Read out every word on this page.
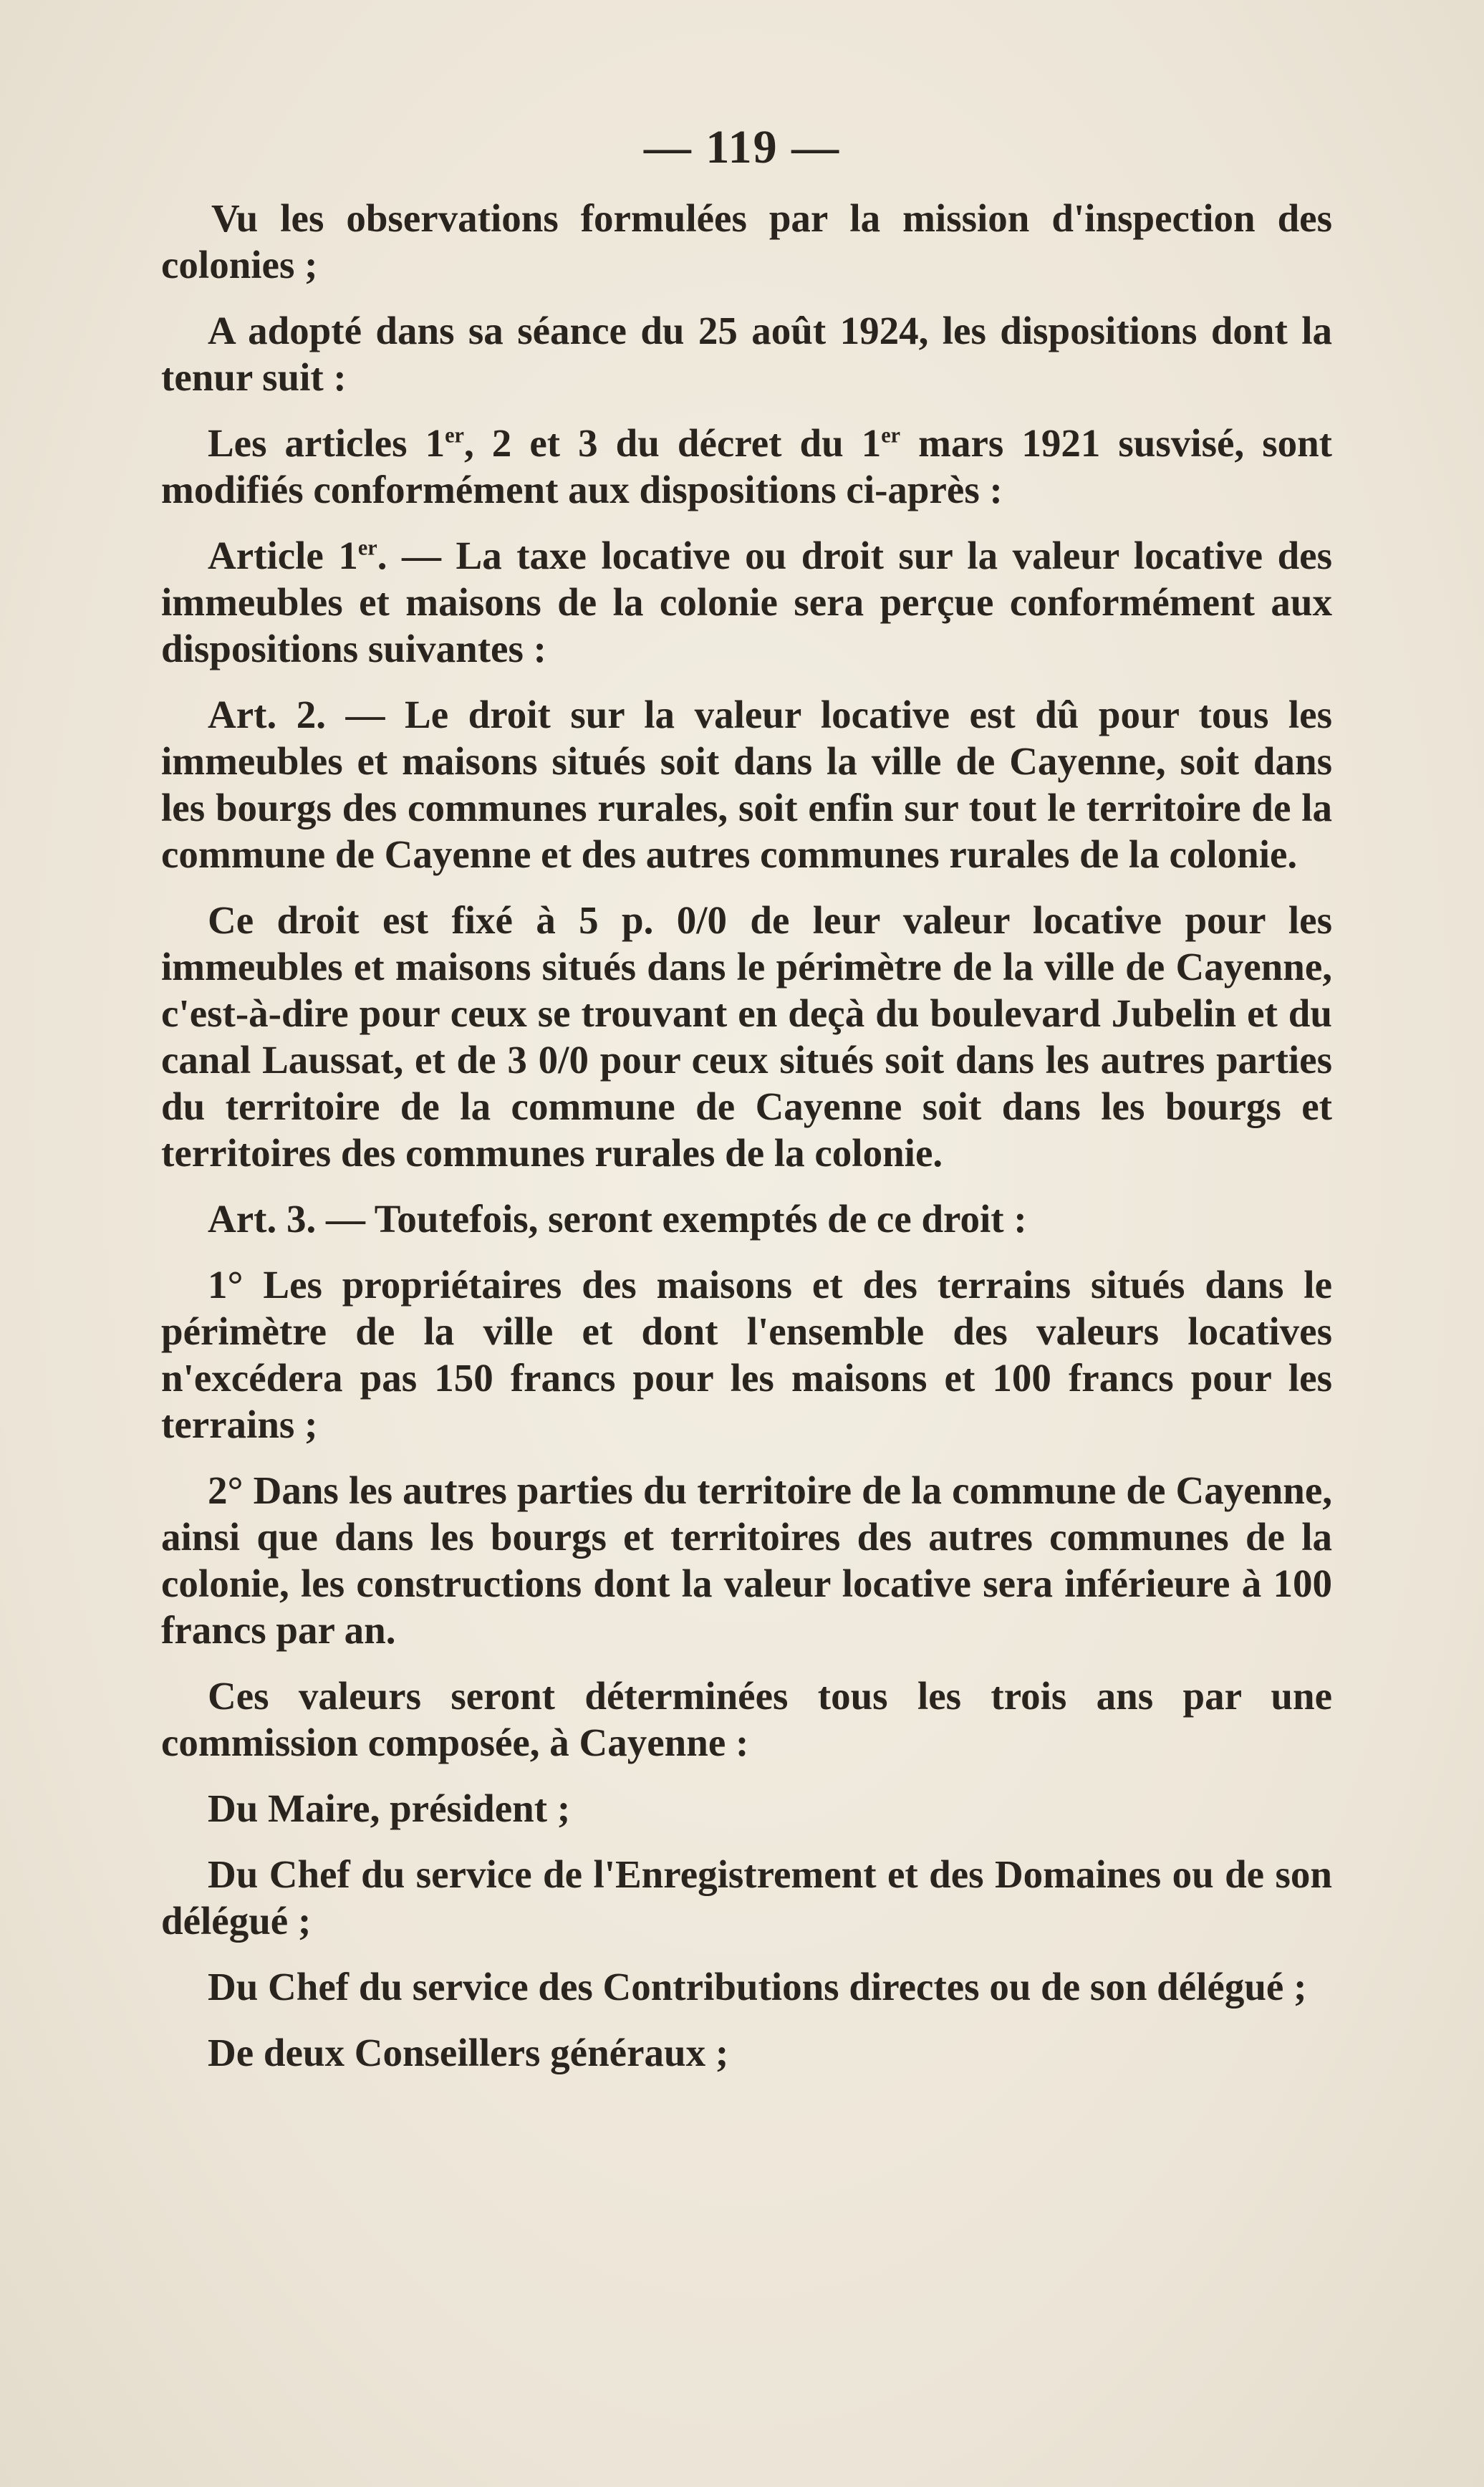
— 119 —

Vu les observations formulées par la mission d'inspection des colonies ;

A adopté dans sa séance du 25 août 1924, les dispositions dont la tenur suit :

Les articles 1er, 2 et 3 du décret du 1er mars 1921 susvisé, sont modifiés conformément aux dispositions ci-après :

Article 1er. — La taxe locative ou droit sur la valeur locative des immeubles et maisons de la colonie sera perçue conformément aux dispositions suivantes :

Art. 2. — Le droit sur la valeur locative est dû pour tous les immeubles et maisons situés soit dans la ville de Cayenne, soit dans les bourgs des communes rurales, soit enfin sur tout le territoire de la commune de Cayenne et des autres communes rurales de la colonie.

Ce droit est fixé à 5 p. 0/0 de leur valeur locative pour les immeubles et maisons situés dans le périmètre de la ville de Cayenne, c'est-à-dire pour ceux se trouvant en deçà du boulevard Jubelin et du canal Laussat, et de 3 0/0 pour ceux situés soit dans les autres parties du territoire de la commune de Cayenne soit dans les bourgs et territoires des communes rurales de la colonie.

Art. 3. — Toutefois, seront exemptés de ce droit :

1° Les propriétaires des maisons et des terrains situés dans le périmètre de la ville et dont l'ensemble des valeurs locatives n'excédera pas 150 francs pour les maisons et 100 francs pour les terrains ;

2° Dans les autres parties du territoire de la commune de Cayenne, ainsi que dans les bourgs et territoires des autres communes de la colonie, les constructions dont la valeur locative sera inférieure à 100 francs par an.

Ces valeurs seront déterminées tous les trois ans par une commission composée, à Cayenne :

Du Maire, président ;

Du Chef du service de l'Enregistrement et des Domaines ou de son délégué ;

Du Chef du service des Contributions directes ou de son délégué ;

De deux Conseillers généraux ;
